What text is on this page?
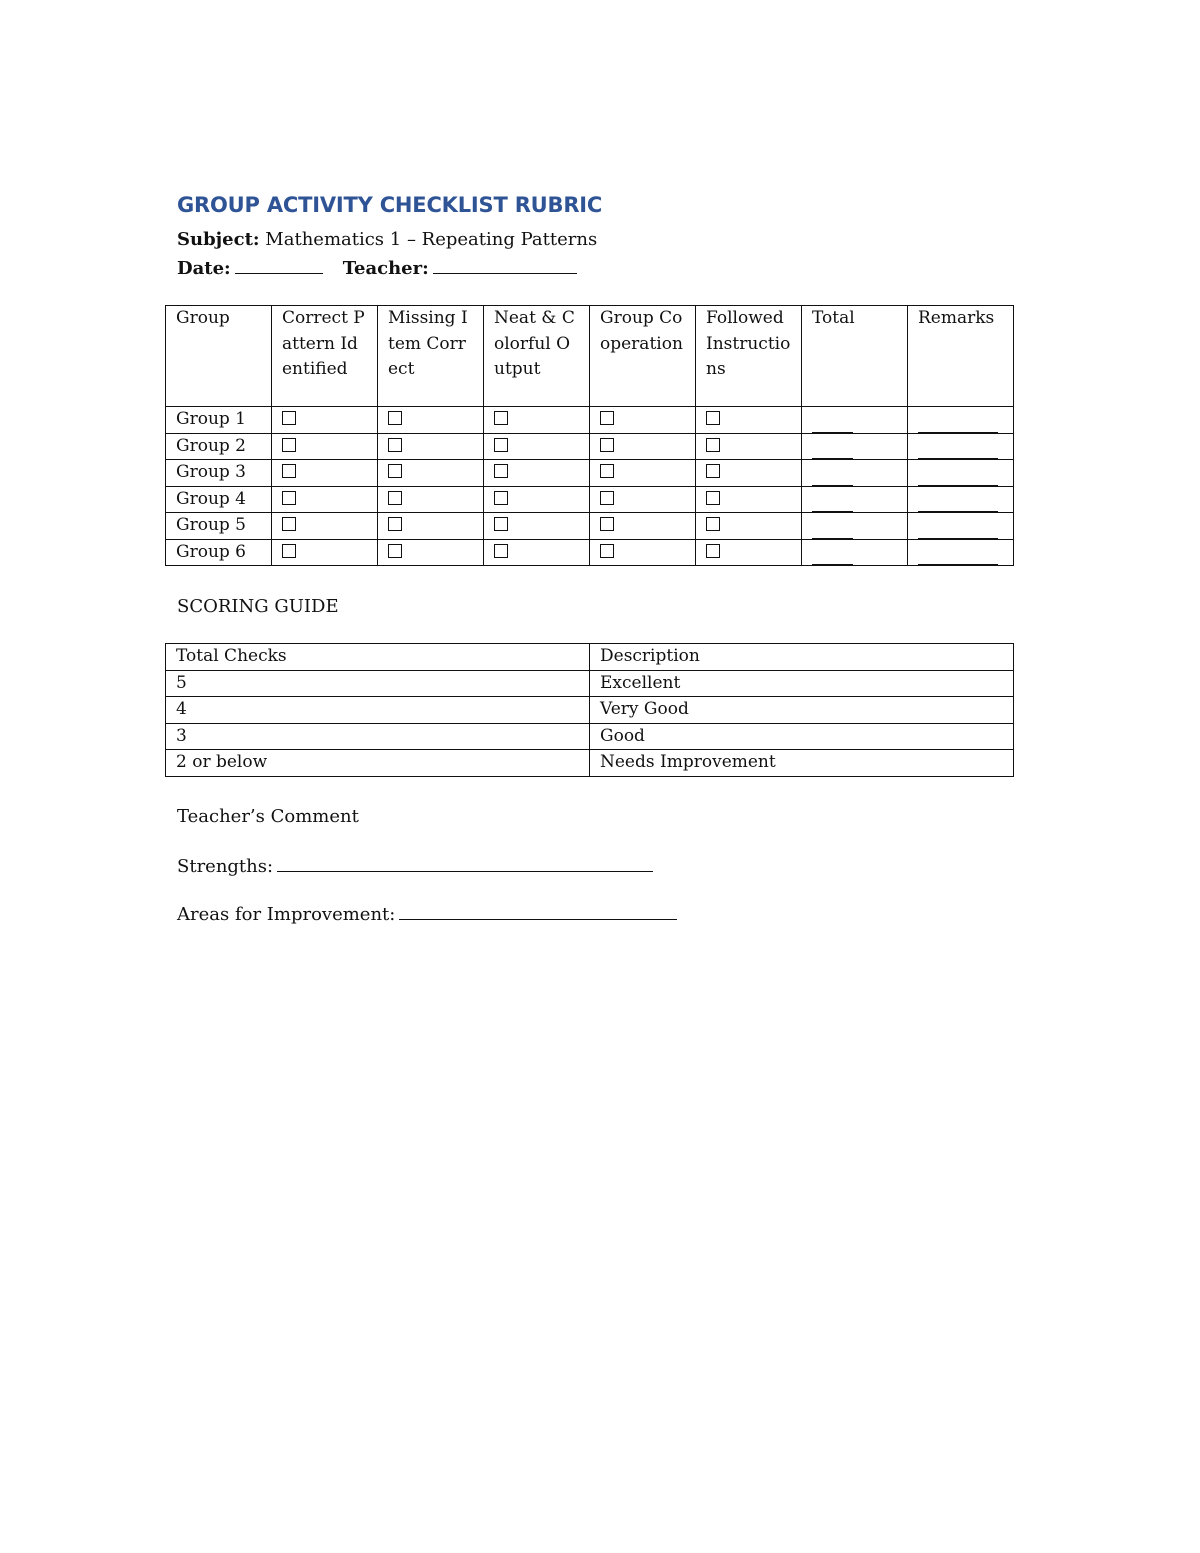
GROUP ACTIVITY CHECKLIST RUBRIC
Subject: Mathematics 1 – Repeating Patterns
Date:	Teacher:
Group	Correct Pattern Identified	Missing Item Correct	Neat & Colorful Output	Group Cooperation	Followed Instructions	Total	Remarks
Group 1							
Group 2							
Group 3							
Group 4							
Group 5							
Group 6							
SCORING GUIDE
Total Checks	Description
5	Excellent
4	Very Good
3	Good
2 or below	Needs Improvement
Teacher’s Comment
Strengths:
Areas for Improvement:
